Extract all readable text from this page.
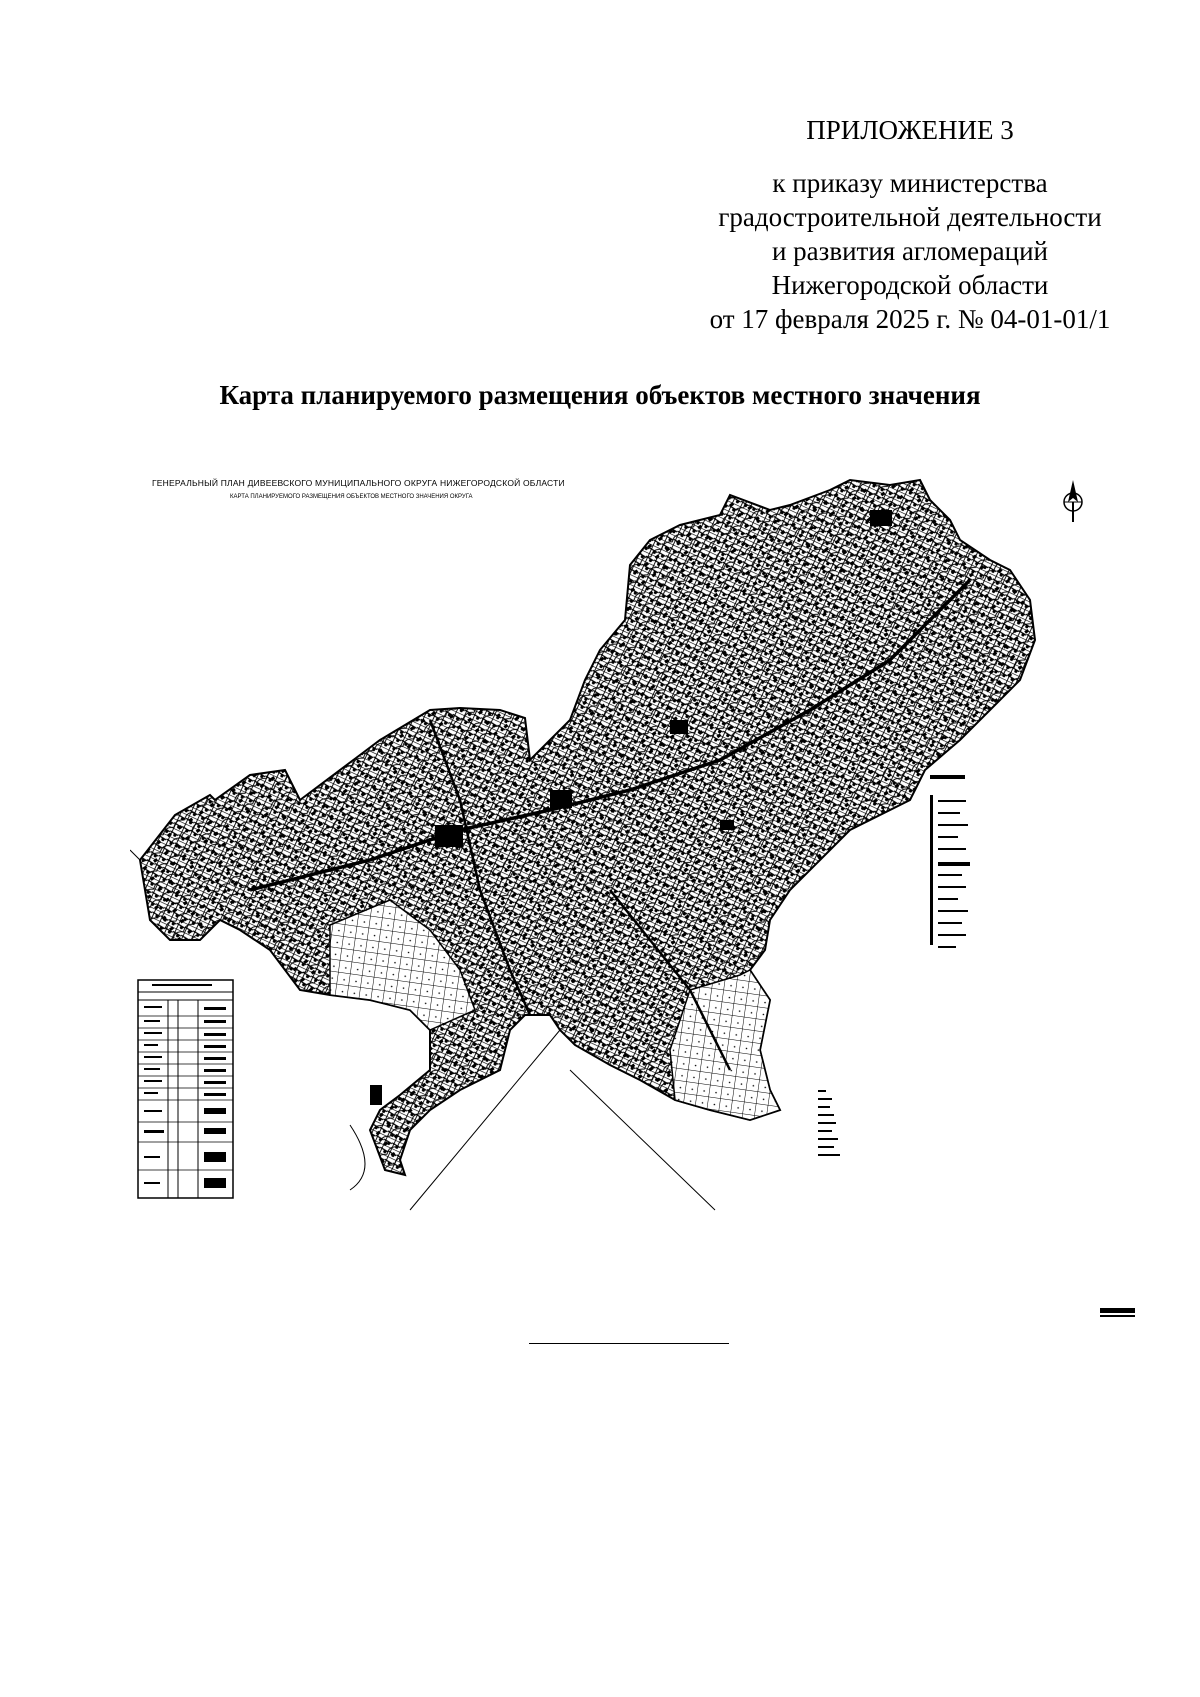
ПРИЛОЖЕНИЕ 3
к приказу министерства
градостроительной деятельности
и развития агломераций
Нижегородской области
от 17 февраля 2025 г. № 04-01-01/1
Карта планируемого размещения объектов местного значения
ГЕНЕРАЛЬНЫЙ ПЛАН ДИВЕЕВСКОГО МУНИЦИПАЛЬНОГО ОКРУГА НИЖЕГОРОДСКОЙ ОБЛАСТИ
КАРТА ПЛАНИРУЕМОГО РАЗМЕЩЕНИЯ ОБЪЕКТОВ МЕСТНОГО ЗНАЧЕНИЯ ОКРУГА
